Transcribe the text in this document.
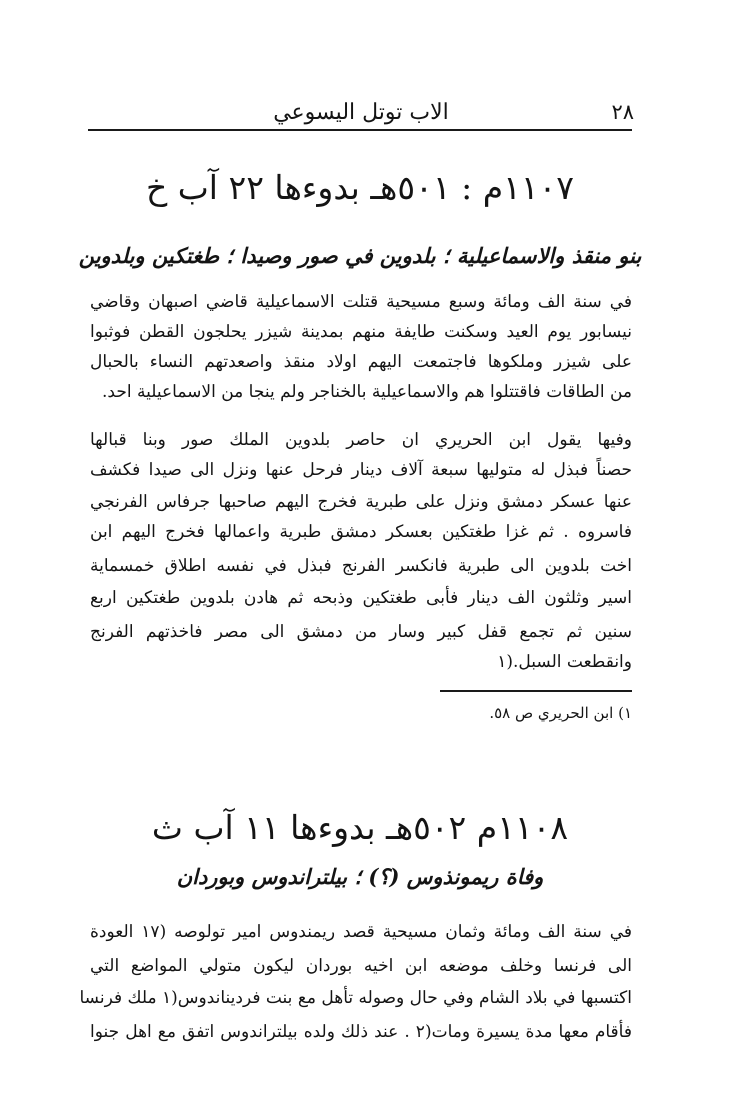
٢٨
الاب توتل اليسوعي
١١٠٧م : ٥٠١هـ بدوءها ٢٢ آب خ
بنو منقذ والاسماعيلية ؛ بلدوين في صور وصيدا ؛ طغتكين وبلدوين
في سنة الف ومائة وسبع مسيحية قتلت الاسماعيلية قاضي اصبهان وقاضي
نيسابور يوم العيد وسكنت طايفة منهم بمدينة شيزر يحلجون القطن فوثبوا
على شيزر وملكوها فاجتمعت اليهم اولاد منقذ واصعدتهم النساء بالحبال
من الطاقات فاقتتلوا هم والاسماعيلية بالخناجر ولم ينجا من الاسماعيلية احد.
وفيها يقول ابن الحريري ان حاصر بلدوين الملك صور وبنا قبالها
حصناً فبذل له متوليها سبعة آلاف دينار فرحل عنها ونزل الى صيدا فكشف
عنها عسكر دمشق ونزل على طبرية فخرج اليهم صاحبها جرفاس الفرنجي
فاسروه . ثم غزا طغتكين بعسكر دمشق طبرية واعمالها فخرج اليهم ابن
اخت بلدوين الى طبرية فانكسر الفرنج فبذل في نفسه اطلاق خمسماية
اسير وثلثون الف دينار فأبى طغتكين وذبحه ثم هادن بلدوين طغتكين اربع
سنين ثم تجمع قفل كبير وسار من دمشق الى مصر فاخذتهم الفرنج
وانقطعت السبل.(١
١) ابن الحريري ص ٥٨.
١١٠٨م ٥٠٢هـ بدوءها ١١ آب ث
وفاة ريمونذوس (؟) ؛ بيلتراندوس وبوردان
في سنة الف ومائة وثمان مسيحية قصد ريمندوس امير تولوصه (١٧ العودة
الى فرنسا وخلف موضعه ابن اخيه بوردان ليكون متولي المواضع التي
اكتسبها في بلاد الشام وفي حال وصوله تأهل مع بنت فرديناندوس(١ ملك فرنسا
فأقام معها مدة يسيرة ومات(٢ . عند ذلك ولده بيلتراندوس اتفق مع اهل جنوا
